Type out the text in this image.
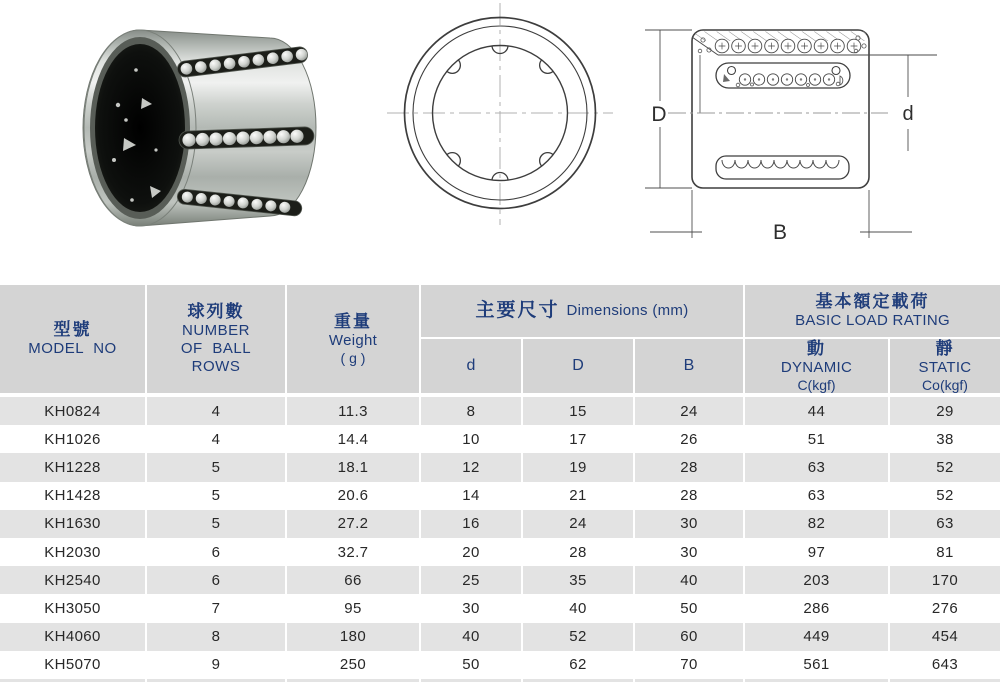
D	d
B
型號
MODEL NO
球列數
NUMBER
OF BALL
ROWS
重量
Weight
( g )
主要尺寸 Dimensions (mm)	基本額定載荷
BASIC LOAD RATING
d	D	B
動
DYNAMIC
C(kgf)
靜
STATIC
Co(kgf)
KH0824	4	11.3	8	15	24	44	29
KH1026	4	14.4	10	17	26	51	38
KH1228	5	18.1	12	19	28	63	52
KH1428	5	20.6	14	21	28	63	52
KH1630	5	27.2	16	24	30	82	63
KH2030	6	32.7	20	28	30	97	81
KH2540	6	66	25	35	40	203	170
KH3050	7	95	30	40	50	286	276
KH4060	8	180	40	52	60	449	454
KH5070	9	250	50	62	70	561	643
